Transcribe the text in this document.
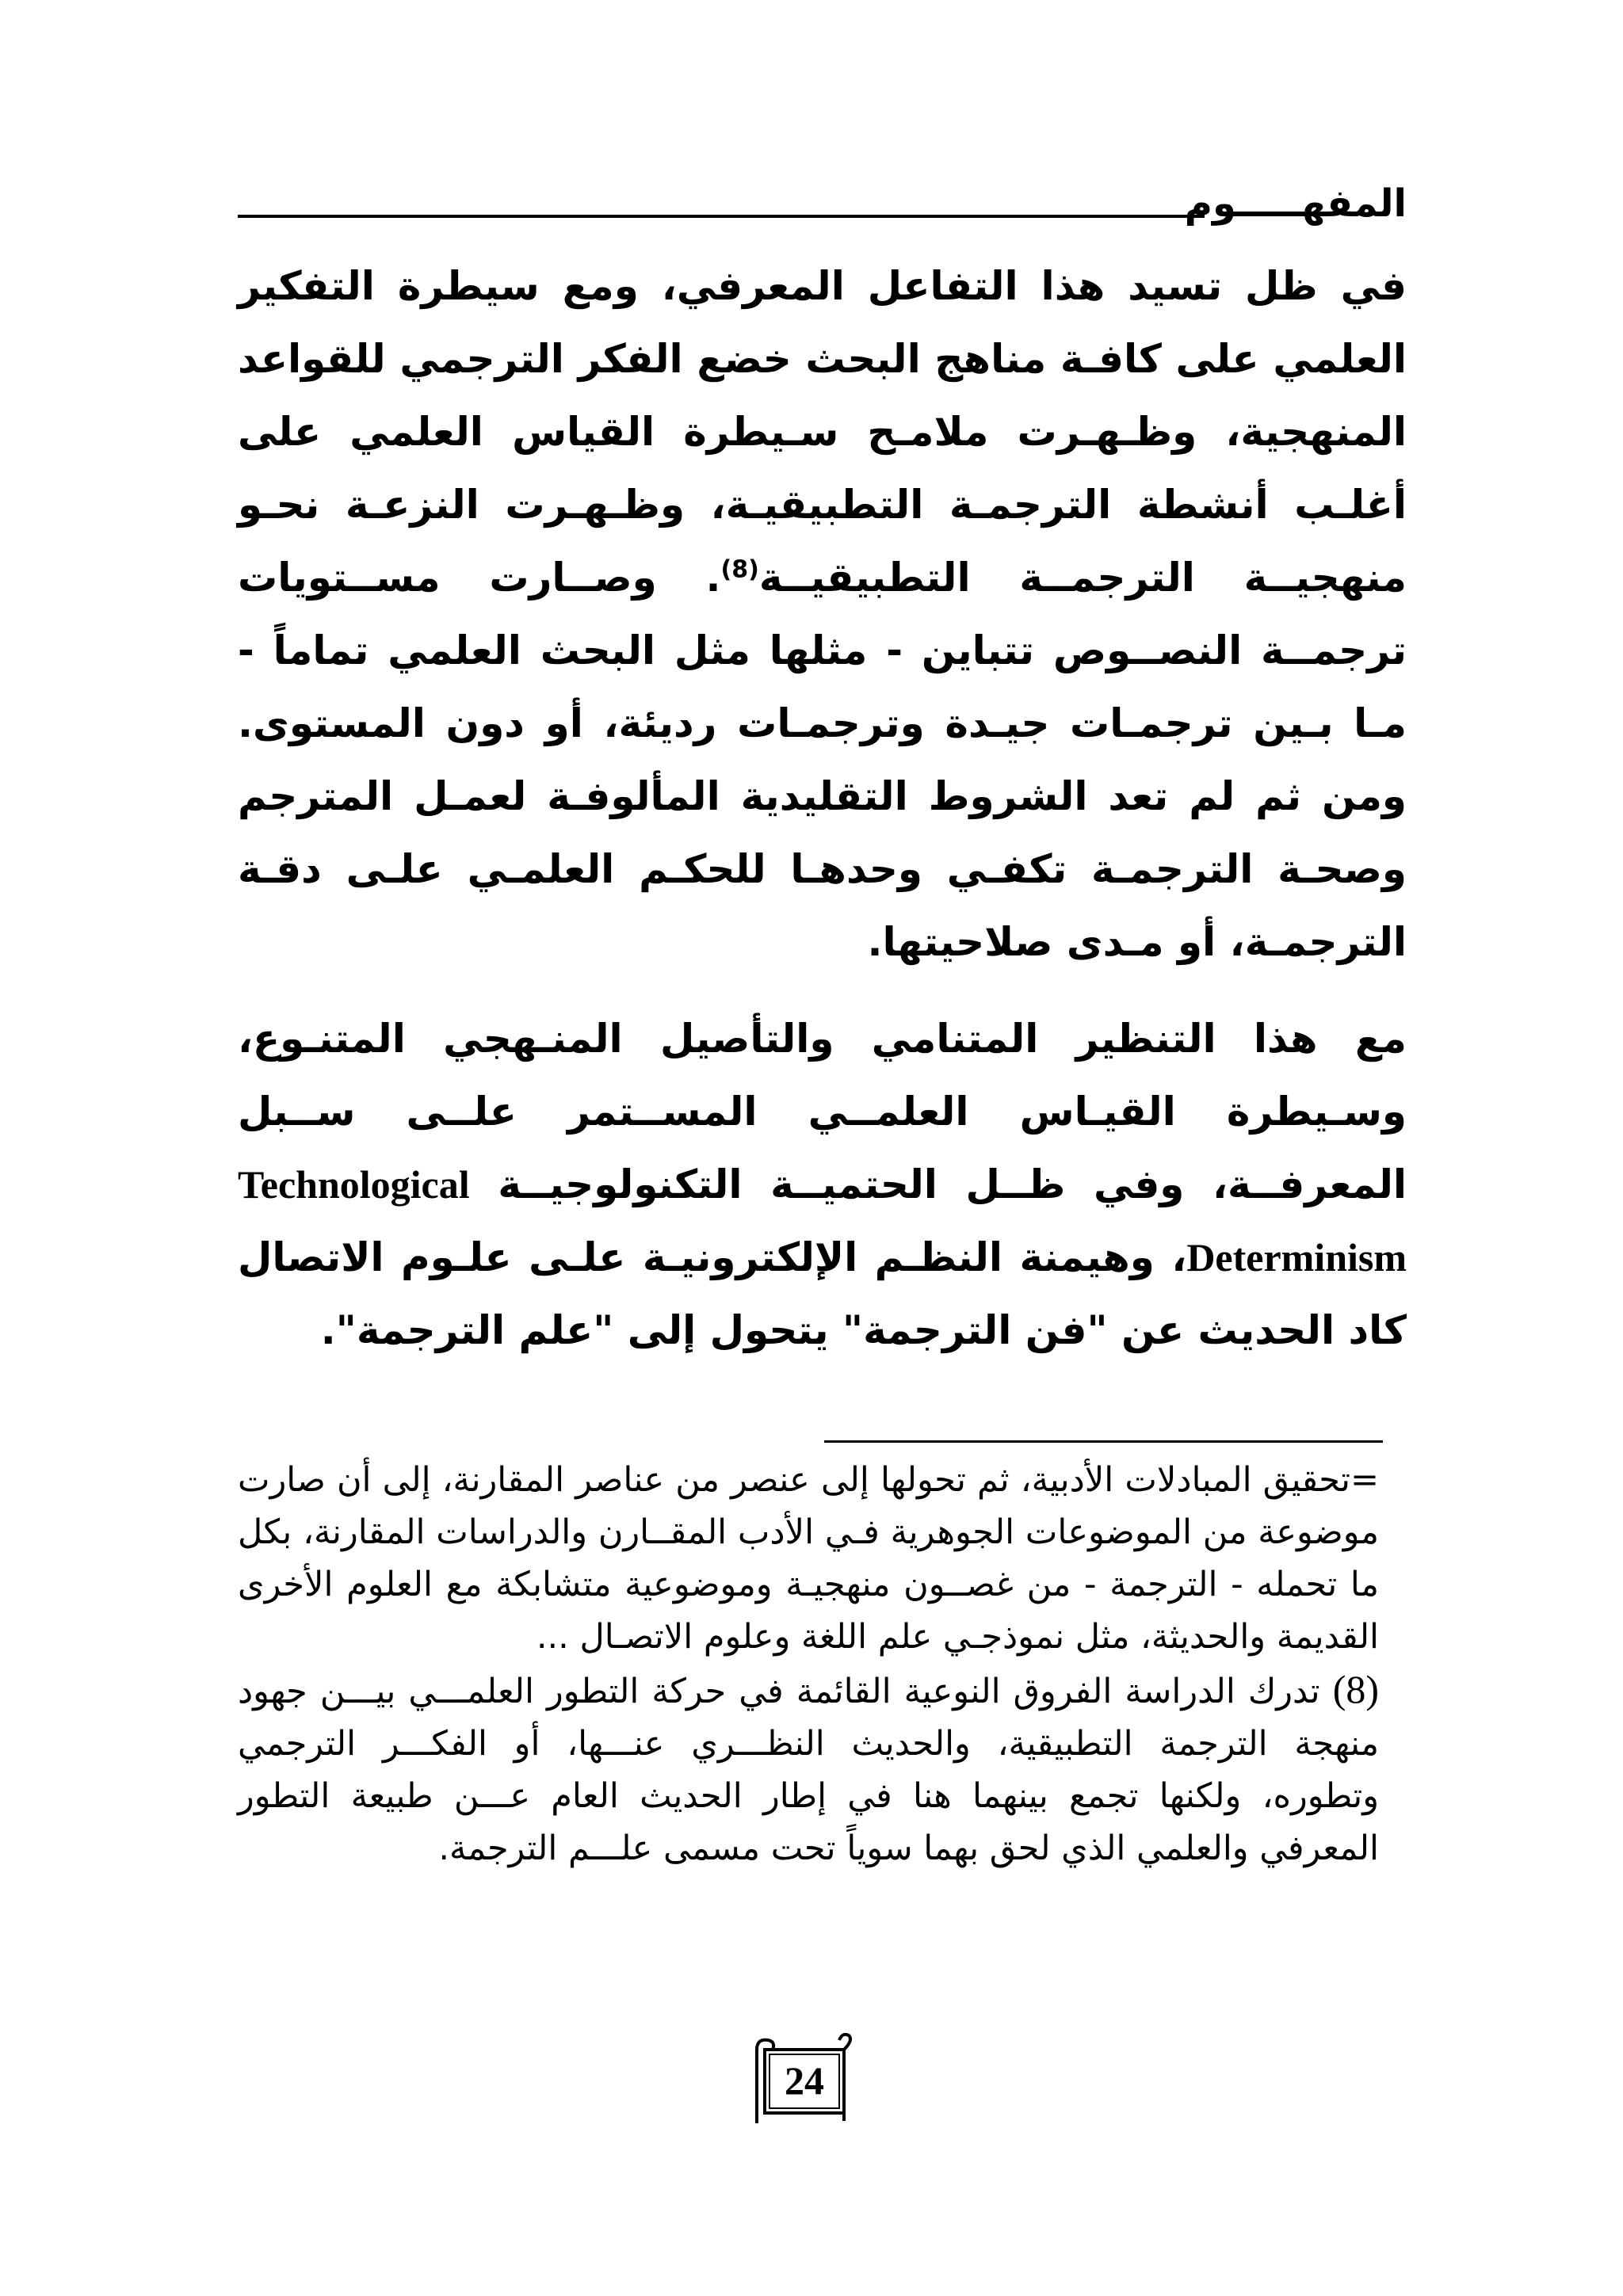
المفهـــــوم

في ظل تسيد هذا التفاعل المعرفي، ومع سيطرة التفكير العلمي على كافـة مناهج البحث خضع الفكر الترجمي للقواعد المنهجية، وظـهـرت ملامـح سـيطرة القياس العلمي على أغلـب أنشطة الترجمـة التطبيقيـة، وظـهـرت النزعـة نحـو منهجيــة الترجمــة التطبيقيــة$^{(8)}$. وصــارت مســتويات ترجمــة النصــوص تتباين - مثلها مثل البحث العلمي تماماً - مـا بـين ترجمـات جيـدة وترجمـات رديئة، أو دون المستوى. ومن ثم لم تعد الشروط التقليدية المألوفـة لعمـل المترجم وصحـة الترجمـة تكفـي وحدهـا للحكـم العلمـي علـى دقـة الترجمـة، أو مـدى صلاحيتها.

مع هذا التنظير المتنامي والتأصيل المنـهجي المتنـوع، وسـيطرة القيـاس العلمــي المســتمر علــى ســبل المعرفــة، وفي ظــل الحتميــة التكنولوجيــة Technological Determinism، وهيمنة النظـم الإلكترونيـة علـى علـوم الاتصال كاد الحديث عن "فن الترجمة" يتحول إلى "علم الترجمة".

=تحقيق المبادلات الأدبية، ثم تحولها إلى عنصر من عناصر المقارنة، إلى أن صارت موضوعة من الموضوعات الجوهرية فـي الأدب المقــارن والدراسات المقارنة، بكل ما تحمله - الترجمة - من غصــون منهجيـة وموضوعية متشابكة مع العلوم الأخرى القديمة والحديثة، مثل نموذجـي علم اللغة وعلوم الاتصـال ...

(8) تدرك الدراسة الفروق النوعية القائمة في حركة التطور العلمـــي بيـــن جهود منهجة الترجمة التطبيقية، والحديث النظـــري عنـــها، أو الفكـــر الترجمي وتطوره، ولكنها تجمع بينهما هنا في إطار الحديث العام عـــن طبيعة التطور المعرفي والعلمي الذي لحق بهما سوياً تحت مسمى علـــم الترجمة.

24
